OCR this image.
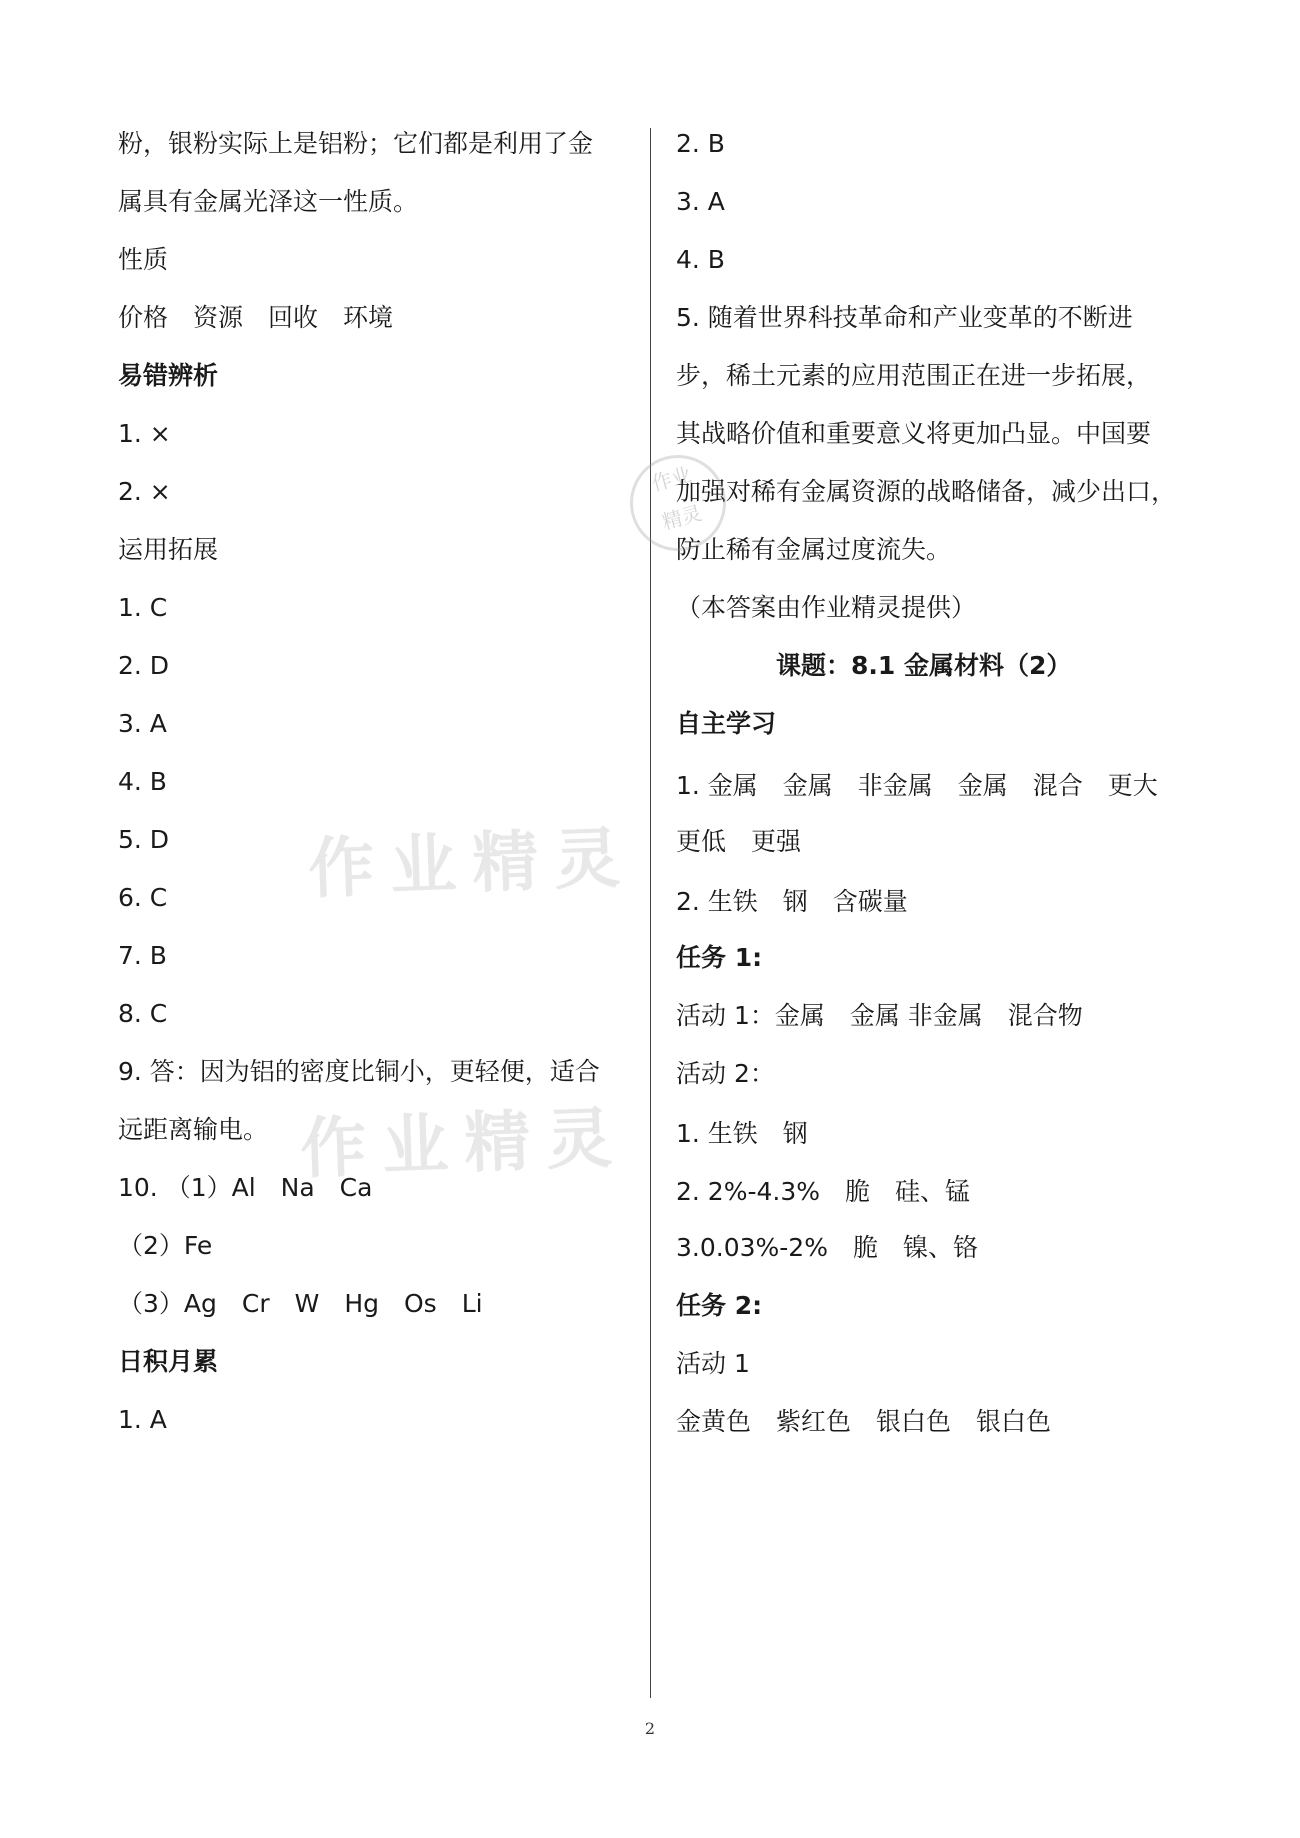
粉，银粉实际上是铝粉；它们都是利用了金
属具有金属光泽这一性质。
性质
价格　资源　回收　环境
易错辨析
1. ×
2. ×
运用拓展
1. C
2. D
3. A
4. B
5. D
6. C
7. B
8. C
9. 答：因为铝的密度比铜小，更轻便，适合
远距离输电。
10. （1）Al　Na　Ca
（2）Fe
（3）Ag　Cr　W　Hg　Os　Li
日积月累
1. A
2. B
3. A
4. B
5. 随着世界科技革命和产业变革的不断进
步，稀土元素的应用范围正在进一步拓展，
其战略价值和重要意义将更加凸显。中国要
加强对稀有金属资源的战略储备，减少出口，
防止稀有金属过度流失。
（本答案由作业精灵提供）
课题：8.1 金属材料（2）
自主学习
1. 金属　金属　非金属　金属　混合　更大
更低　更强
2. 生铁　钢　含碳量
任务 1:
活动 1：金属　金属 非金属　混合物
活动 2：
1. 生铁　钢
2. 2%-4.3%　脆　硅、锰
3.0.03%-2%　脆　镍、铬
任务 2:
活动 1
金黄色　紫红色　银白色　银白色
作业精灵
作业精灵
作业
精灵
2
